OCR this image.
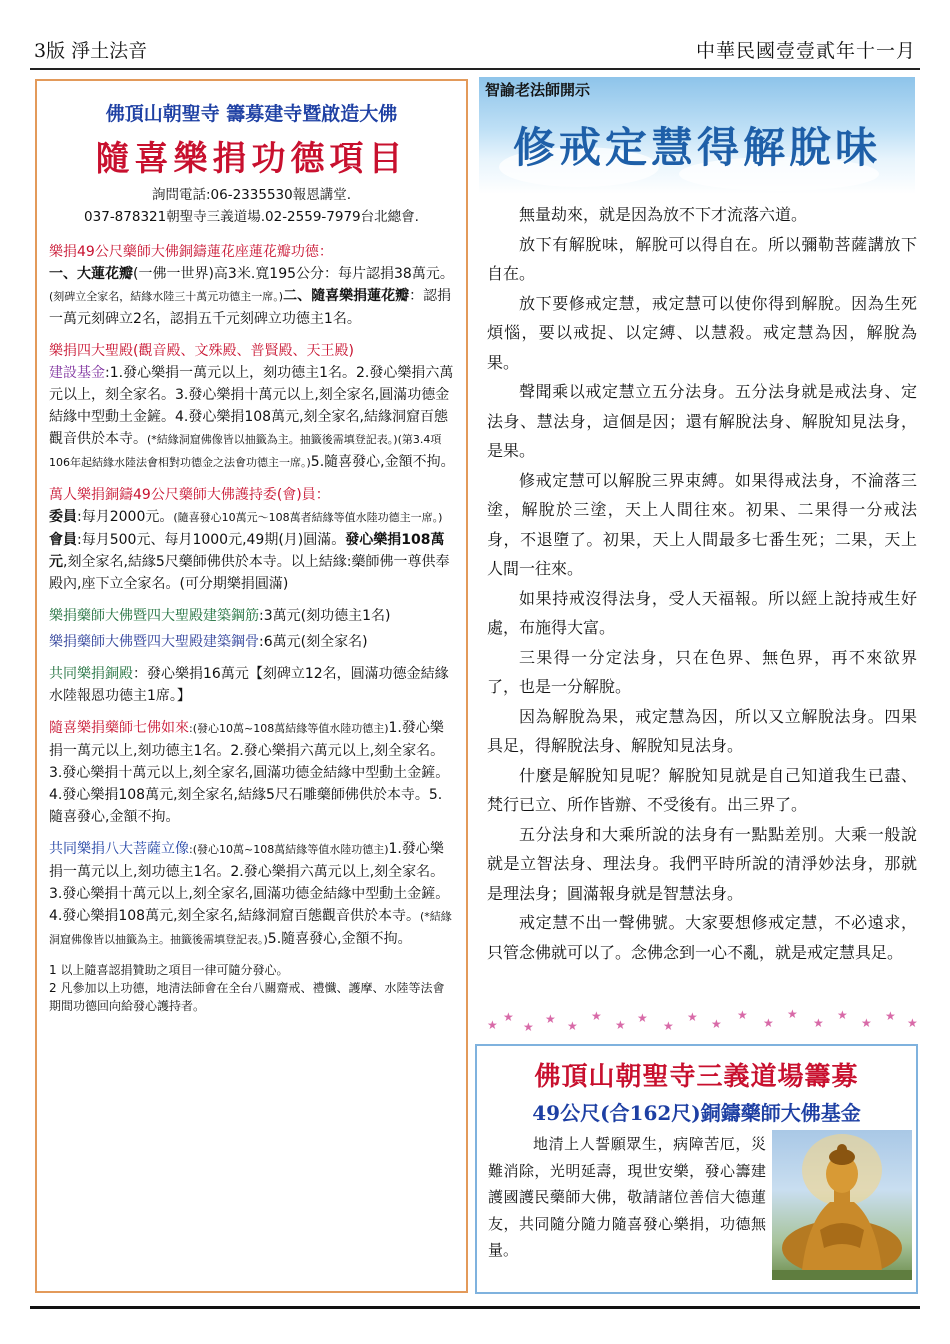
3版 淨土法音	中華民國壹壹貳年十一月
佛頂山朝聖寺 籌募建寺暨啟造大佛
隨喜樂捐功德項目
詢問電話:06-2335530報恩講堂.
037-878321朝聖寺三義道場.02-2559-7979台北總會.

樂捐49公尺藥師大佛銅鑄蓮花座蓮花瓣功德：

一、大蓮花瓣(一佛一世界)高3米.寬195公分：每片認捐38萬元。(刻碑立全家名，結緣水陸三十萬元功德主一席。)二、隨喜樂捐蓮花瓣：認捐一萬元刻碑立2名，認捐五千元刻碑立功德主1名。

樂捐四大聖殿(觀音殿、文殊殿、普賢殿、天王殿)

建設基金:1.發心樂捐一萬元以上，刻功德主1名。2.發心樂捐六萬元以上，刻全家名。3.發心樂捐十萬元以上,刻全家名,圓滿功德金結緣中型動土金鏟。4.發心樂捐108萬元,刻全家名,結緣洞窟百態觀音供於本寺。(*結緣洞窟佛像皆以抽籤為主。抽籤後需填登記表。)(第3.4項106年起結緣水陸法會相對功德金之法會功德主一席。)5.隨喜發心,金額不拘。

萬人樂捐銅鑄49公尺藥師大佛護持委(會)員：

委員:每月2000元。(隨喜發心10萬元～108萬者結緣等值水陸功德主一席。)會員:每月500元、每月1000元,49期(月)圓滿。發心樂捐108萬元,刻全家名,結緣5尺藥師佛供於本寺。以上結緣:藥師佛一尊供奉殿內,座下立全家名。(可分期樂捐圓滿)

樂捐藥師大佛暨四大聖殿建築鋼筋:3萬元(刻功德主1名)

樂捐藥師大佛暨四大聖殿建築鋼骨:6萬元(刻全家名)

共同樂捐銅殿：發心樂捐16萬元【刻碑立12名，圓滿功德金結緣水陸報恩功德主1席。】

隨喜樂捐藥師七佛如來:(發心10萬~108萬結緣等值水陸功德主)1.發心樂捐一萬元以上,刻功德主1名。2.發心樂捐六萬元以上,刻全家名。3.發心樂捐十萬元以上,刻全家名,圓滿功德金結緣中型動土金鏟。4.發心樂捐108萬元,刻全家名,結緣5尺石雕藥師佛供於本寺。5.隨喜發心,金額不拘。

共同樂捐八大菩薩立像:(發心10萬~108萬結緣等值水陸功德主)1.發心樂捐一萬元以上,刻功德主1名。2.發心樂捐六萬元以上,刻全家名。3.發心樂捐十萬元以上,刻全家名,圓滿功德金結緣中型動土金鏟。4.發心樂捐108萬元,刻全家名,結緣洞窟百態觀音供於本寺。(*結緣洞窟佛像皆以抽籤為主。抽籤後需填登記表。)5.隨喜發心,金額不拘。

1 以上隨喜認捐贊助之項目一律可隨分發心。
2 凡參加以上功德，地清法師會在全台八關齋戒、禮懺、護摩、水陸等法會期間功德回向給發心護持者。
智諭老法師開示
修戒定慧得解脫味

無量劫來，就是因為放不下才流落六道。

放下有解脫味，解脫可以得自在。所以彌勒菩薩講放下自在。

放下要修戒定慧，戒定慧可以使你得到解脫。因為生死煩惱，要以戒捉、以定縛、以慧殺。戒定慧為因，解脫為果。

聲聞乘以戒定慧立五分法身。五分法身就是戒法身、定法身、慧法身，這個是因；還有解脫法身、解脫知見法身，是果。

修戒定慧可以解脫三界束縛。如果得戒法身，不淪落三塗，解脫於三塗，天上人間往來。初果、二果得一分戒法身，不退墮了。初果，天上人間最多七番生死；二果，天上人間一往來。

如果持戒沒得法身，受人天福報。所以經上說持戒生好處，布施得大富。

三果得一分定法身，只在色界、無色界，再不來欲界了，也是一分解脫。

因為解脫為果，戒定慧為因，所以又立解脫法身。四果具足，得解脫法身、解脫知見法身。

什麼是解脫知見呢？解脫知見就是自己知道我生已盡、梵行已立、所作皆辦、不受後有。出三界了。

五分法身和大乘所說的法身有一點點差別。大乘一般說就是立智法身、理法身。我們平時所說的清淨妙法身，那就是理法身；圓滿報身就是智慧法身。

戒定慧不出一聲佛號。大家要想修戒定慧，不必遠求，只管念佛就可以了。念佛念到一心不亂，就是戒定慧具足。

★
★
★
★ ★
★
★ ★
★
★ ★
★
★
★
★
★
★ ★ ★
佛頂山朝聖寺三義道場籌募
49公尺(合162尺)銅鑄藥師大佛基金
地清上人誓願眾生，病障苦厄，災難消除，光明延壽，現世安樂，發心籌建護國護民藥師大佛，敬請諸位善信大德蓮友，共同隨分隨力隨喜發心樂捐，功德無量。
